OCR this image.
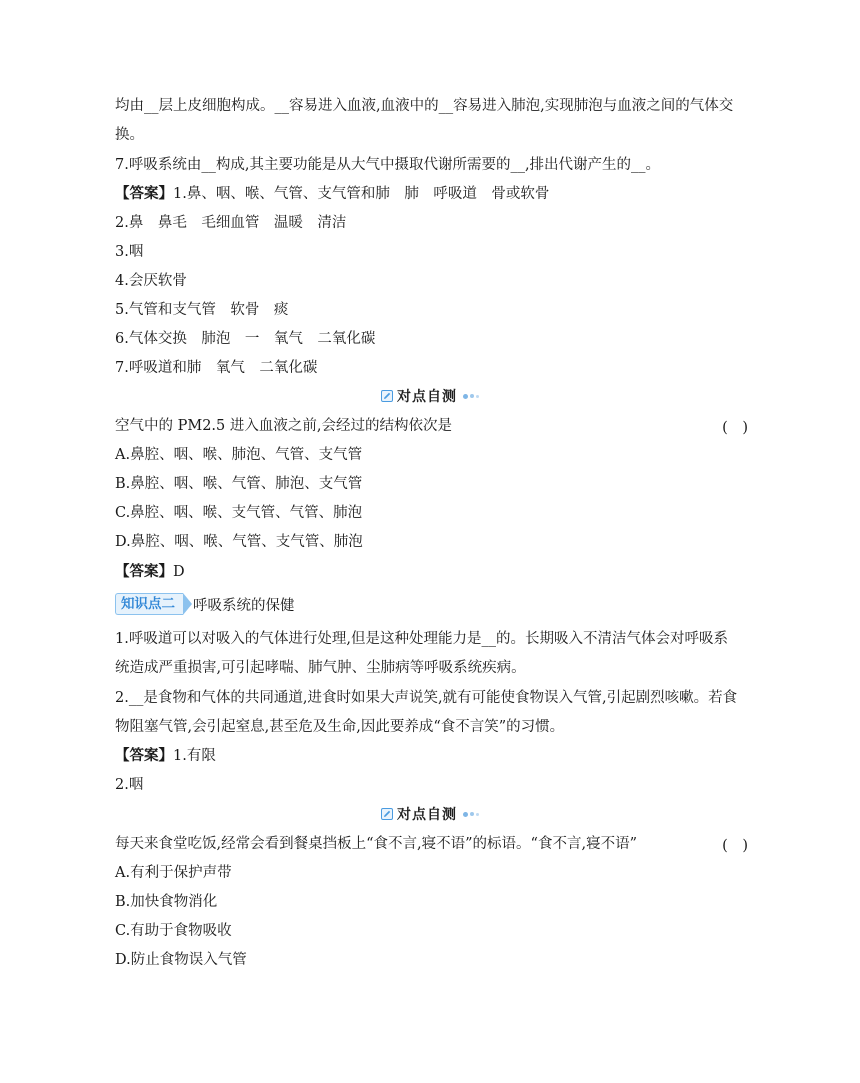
均由__层上皮细胞构成。__容易进入血液,血液中的__容易进入肺泡,实现肺泡与血液之间的气体交
换。
7.呼吸系统由__构成,其主要功能是从大气中摄取代谢所需要的__,排出代谢产生的__。
【答案】1.鼻、咽、喉、气管、支气管和肺　肺　呼吸道　骨或软骨
2.鼻　鼻毛　毛细血管　温暖　清洁
3.咽
4.会厌软骨
5.气管和支气管　软骨　痰
6.气体交换　肺泡　一　氧气　二氧化碳
7.呼吸道和肺　氧气　二氧化碳
对点自测
空气中的 PM2.5 进入血液之前,会经过的结构依次是	(　)
A.鼻腔、咽、喉、肺泡、气管、支气管
B.鼻腔、咽、喉、气管、肺泡、支气管
C.鼻腔、咽、喉、支气管、气管、肺泡
D.鼻腔、咽、喉、气管、支气管、肺泡
【答案】D
知识点二	呼吸系统的保健
1.呼吸道可以对吸入的气体进行处理,但是这种处理能力是__的。长期吸入不清洁气体会对呼吸系
统造成严重损害,可引起哮喘、肺气肿、尘肺病等呼吸系统疾病。
2.__是食物和气体的共同通道,进食时如果大声说笑,就有可能使食物误入气管,引起剧烈咳嗽。若食
物阻塞气管,会引起窒息,甚至危及生命,因此要养成“食不言笑”的习惯。
【答案】1.有限
2.咽
对点自测
每天来食堂吃饭,经常会看到餐桌挡板上“食不言,寝不语”的标语。“食不言,寝不语”	(　)
A.有利于保护声带
B.加快食物消化
C.有助于食物吸收
D.防止食物误入气管
